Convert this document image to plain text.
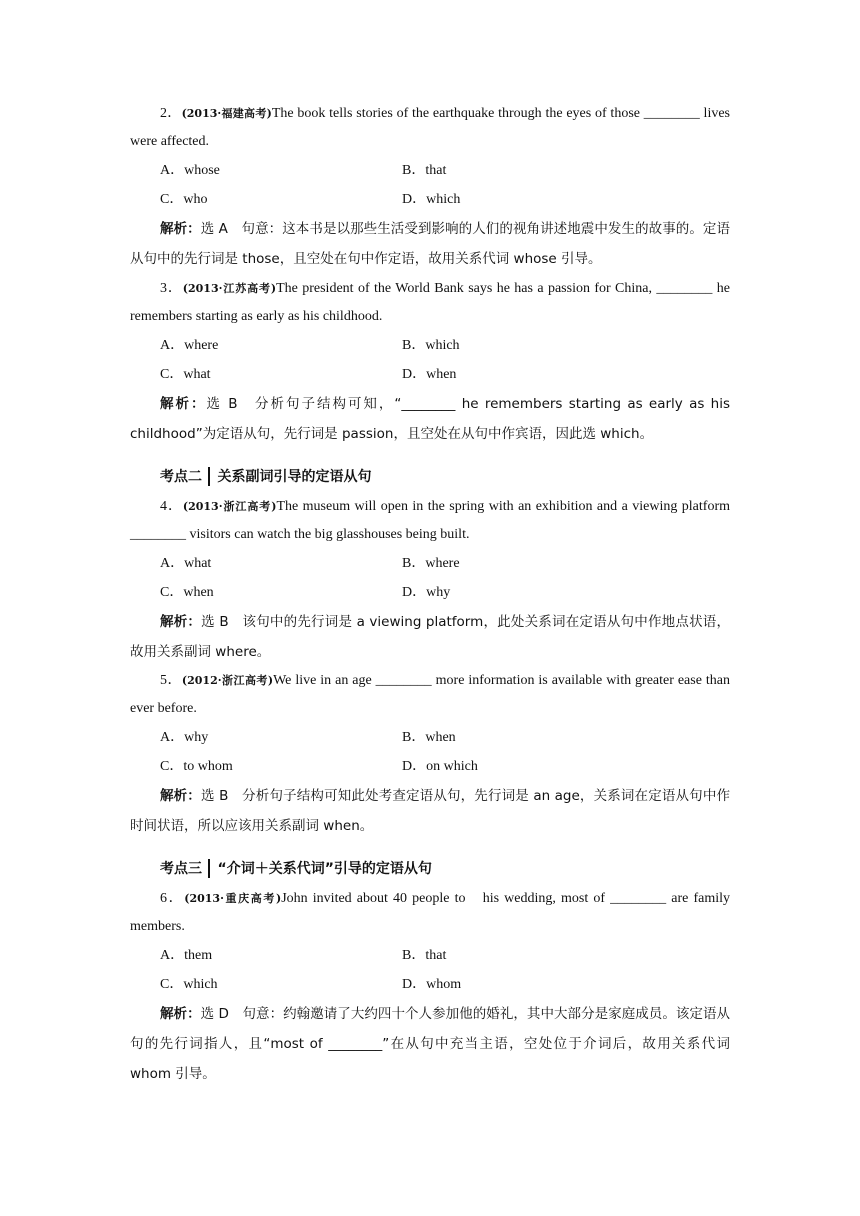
2．(2013·福建高考)The book tells stories of the earthquake through the eyes of those ________ lives were affected.

A．whose	B．that
C．who	D．which

解析：选 A　句意：这本书是以那些生活受到影响的人们的视角讲述地震中发生的故事的。定语从句中的先行词是 those，且空处在句中作定语，故用关系代词 whose 引导。

3．(2013·江苏高考)The president of the World Bank says he has a passion for China, ________ he remembers starting as early as his childhood.

A．where	B．which
C．what	D．when

解析：选 B　分析句子结构可知，“________ he remembers starting as early as his childhood”为定语从句，先行词是 passion，且空处在从句中作宾语，因此选 which。

考点二 关系副词引导的定语从句

4．(2013·浙江高考)The museum will open in the spring with an exhibition and a viewing platform ________ visitors can watch the big glasshouses being built.

A．what	B．where
C．when	D．why

解析：选 B　该句中的先行词是 a viewing platform，此处关系词在定语从句中作地点状语，故用关系副词 where。

5．(2012·浙江高考)We live in an age ________ more information is available with greater ease than ever before.

A．why	B．when
C．to whom	D．on which

解析：选 B　分析句子结构可知此处考查定语从句，先行词是 an age，关系词在定语从句中作时间状语，所以应该用关系副词 when。

考点三 “介词＋关系代词”引导的定语从句

6．(2013·重庆高考)John invited about 40 people to　his wedding, most of ________ are family members.

A．them	B．that
C．which	D．whom

解析：选 D　句意：约翰邀请了大约四十个人参加他的婚礼，其中大部分是家庭成员。该定语从句的先行词指人，且“most of ________”在从句中充当主语，空处位于介词后，故用关系代词 whom 引导。
